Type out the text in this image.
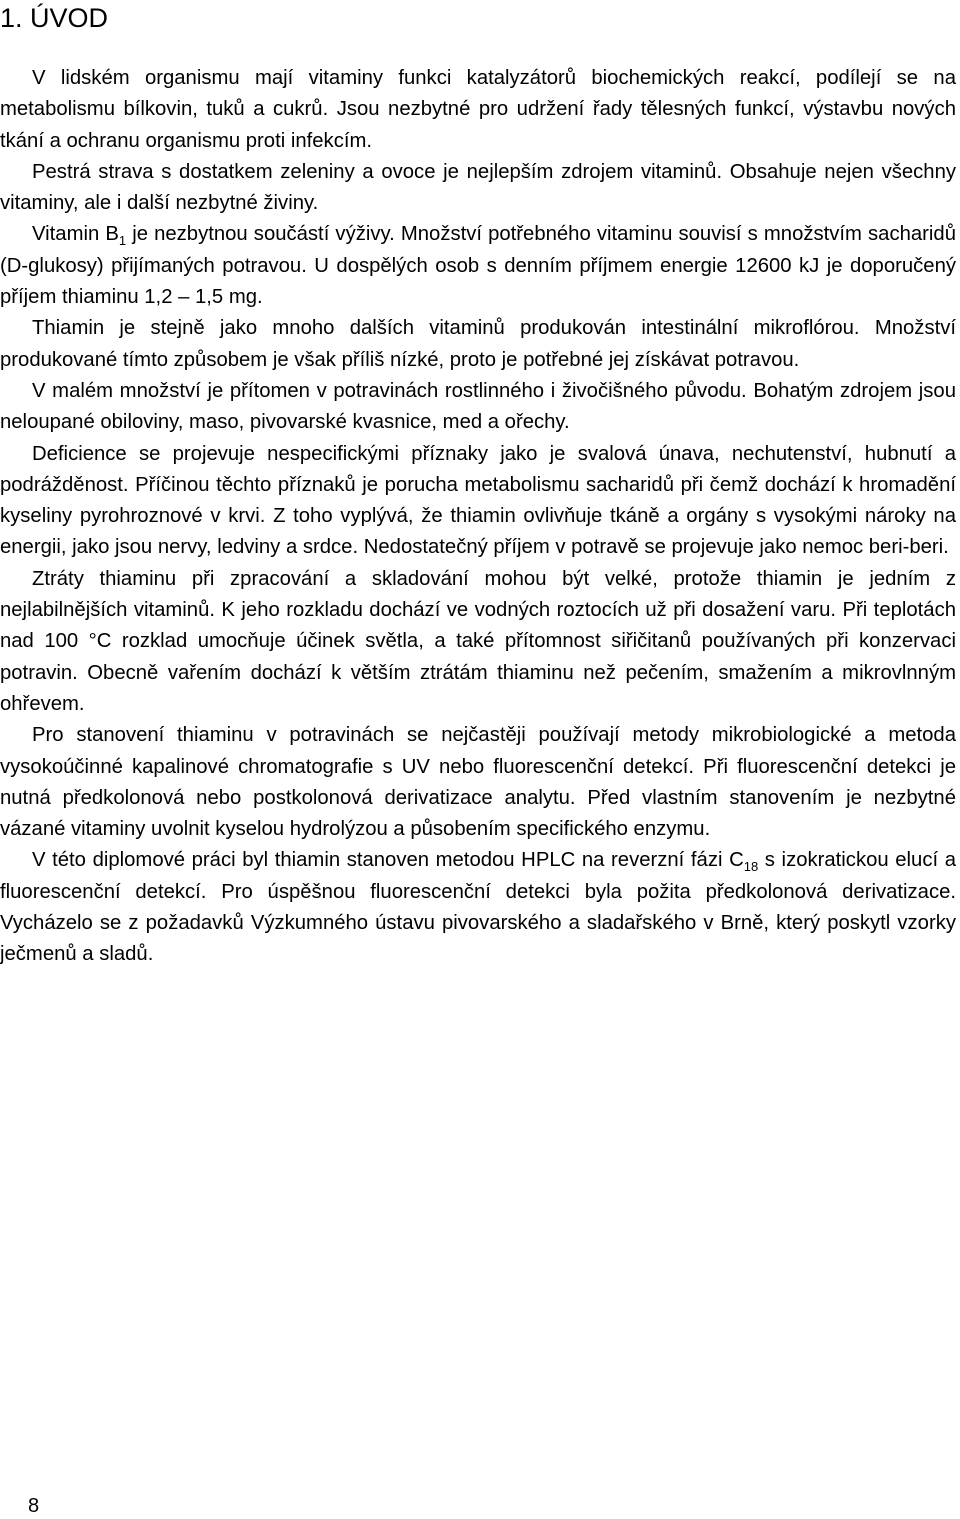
1. ÚVOD

V lidském organismu mají vitaminy funkci katalyzátorů biochemických reakcí, podílejí se na metabolismu bílkovin, tuků a cukrů. Jsou nezbytné pro udržení řady tělesných funkcí, výstavbu nových tkání a ochranu organismu proti infekcím.

Pestrá strava s dostatkem zeleniny a ovoce je nejlepším zdrojem vitaminů. Obsahuje nejen všechny vitaminy, ale i další nezbytné živiny.

Vitamin $B_1$ je nezbytnou součástí výživy. Množství potřebného vitaminu souvisí s množstvím sacharidů (D-glukosy) přijímaných potravou. U dospělých osob s denním příjmem energie 12600 kJ je doporučený příjem thiaminu 1,2 – 1,5 mg.

Thiamin je stejně jako mnoho dalších vitaminů produkován intestinální mikroflórou. Množství produkované tímto způsobem je však příliš nízké, proto je potřebné jej získávat potravou.

V malém množství je přítomen v potravinách rostlinného i živočišného původu. Bohatým zdrojem jsou neloupané obiloviny, maso, pivovarské kvasnice, med a ořechy.

Deficience se projevuje nespecifickými příznaky jako je svalová únava, nechutenství, hubnutí a podrážděnost. Příčinou těchto příznaků je porucha metabolismu sacharidů při čemž dochází k hromadění kyseliny pyrohroznové v krvi. Z toho vyplývá, že thiamin ovlivňuje tkáně a orgány s vysokými nároky na energii, jako jsou nervy, ledviny a srdce. Nedostatečný příjem v potravě se projevuje jako nemoc beri-beri.

Ztráty thiaminu při zpracování a skladování mohou být velké, protože thiamin je jedním z nejlabilnějších vitaminů. K jeho rozkladu dochází ve vodných roztocích už při dosažení varu. Při teplotách nad 100 °C rozklad umocňuje účinek světla, a také přítomnost siřičitanů používaných při konzervaci potravin. Obecně vařením dochází k větším ztrátám thiaminu než pečením, smažením a mikrovlnným ohřevem.

Pro stanovení thiaminu v potravinách se nejčastěji používají metody mikrobiologické a metoda vysokoúčinné kapalinové chromatografie s UV nebo fluorescenční detekcí. Při fluorescenční detekci je nutná předkolonová nebo postkolonová derivatizace analytu. Před vlastním stanovením je nezbytné vázané vitaminy uvolnit kyselou hydrolýzou a působením specifického enzymu.

V této diplomové práci byl thiamin stanoven metodou HPLC na reverzní fázi $C_{18}$ s izokratickou elucí a fluorescenční detekcí. Pro úspěšnou fluorescenční detekci byla požita předkolonová derivatizace. Vycházelo se z požadavků Výzkumného ústavu pivovarského a sladařského v Brně, který poskytl vzorky ječmenů a sladů.

8
